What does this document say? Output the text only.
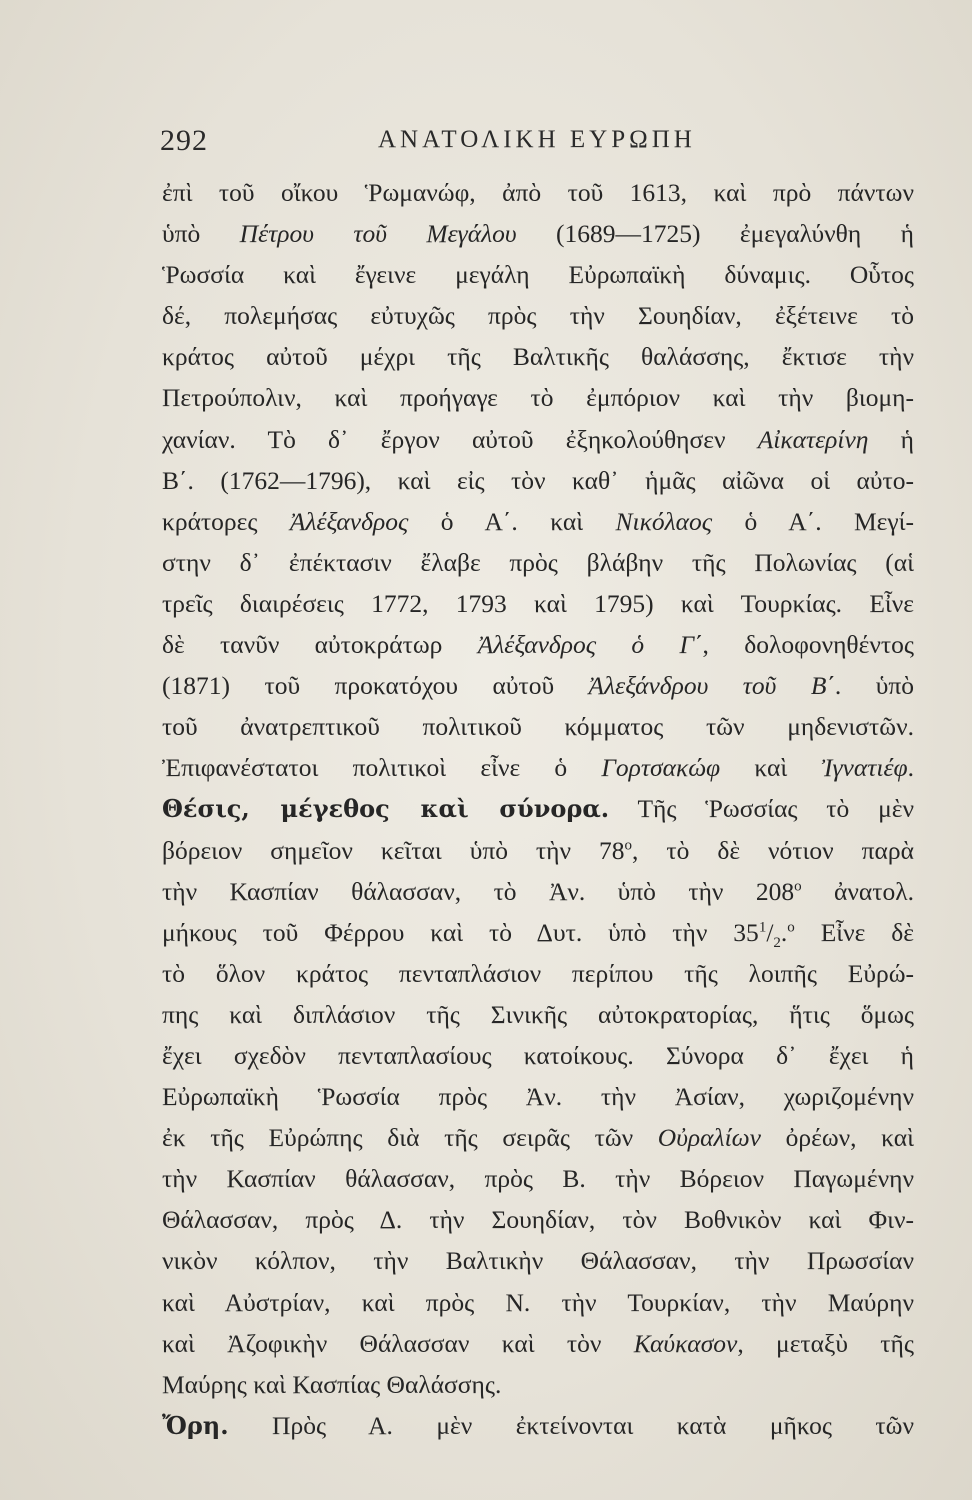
292	ΑΝΑΤΟΛΙΚΗ ΕΥΡΩΠΗ
ἐπὶ τοῦ οἴκου Ῥωμανώφ, ἀπὸ τοῦ 1613, καὶ πρὸ πάντων
ὑπὸ Πέτρου τοῦ Μεγάλου (1689—1725) ἐμεγαλύνθη ἡ
Ῥωσσία καὶ ἔγεινε μεγάλη Εὐρωπαϊκὴ δύναμις. Οὗτος
δέ, πολεμήσας εὐτυχῶς πρὸς τὴν Σουηδίαν, ἐξέτεινε τὸ
κράτος αὐτοῦ μέχρι τῆς Βαλτικῆς θαλάσσης, ἔκτισε τὴν
Πετρούπολιν, καὶ προήγαγε τὸ ἐμπόριον καὶ τὴν βιομη-
χανίαν. Τὸ δ᾿ ἔργον αὐτοῦ ἐξηκολούθησεν Αἰκατερίνη ἡ
Β΄. (1762—1796), καὶ εἰς τὸν καθ᾿ ἡμᾶς αἰῶνα οἱ αὐτο-
κράτορες Ἀλέξανδρος ὁ Α΄. καὶ Νικόλαος ὁ Α΄. Μεγί-
στην δ᾿ ἐπέκτασιν ἔλαβε πρὸς βλάβην τῆς Πολωνίας (αἱ
τρεῖς διαιρέσεις 1772, 1793 καὶ 1795) καὶ Τουρκίας. Εἶνε
δὲ τανῦν αὐτοκράτωρ Ἀλέξανδρος ὁ Γ΄, δολοφονηθέντος
(1871) τοῦ προκατόχου αὐτοῦ Ἀλεξάνδρου τοῦ Β΄. ὑπὸ
τοῦ ἀνατρεπτικοῦ πολιτικοῦ κόμματος τῶν μηδενιστῶν.
Ἐπιφανέστατοι πολιτικοὶ εἶνε ὁ Γορτσακώφ καὶ Ἰγνατιέφ.
Θέσις, μέγεθος καὶ σύνορα. Τῆς Ῥωσσίας τὸ μὲν
βόρειον σημεῖον κεῖται ὑπὸ τὴν $78^o$, τὸ δὲ νότιον παρὰ
τὴν Κασπίαν θάλασσαν, τὸ Ἀν. ὑπὸ τὴν $208^o$ ἀνατολ.
μήκους τοῦ Φέρρου καὶ τὸ Δυτ. ὑπὸ τὴν $35^1/_2.^o$ Εἶνε δὲ
τὸ ὅλον κράτος πενταπλάσιον περίπου τῆς λοιπῆς Εὐρώ-
πης καὶ διπλάσιον τῆς Σινικῆς αὐτοκρατορίας, ἥτις ὅμως
ἔχει σχεδὸν πενταπλασίους κατοίκους. Σύνορα δ᾿ ἔχει ἡ
Εὐρωπαϊκὴ Ῥωσσία πρὸς Ἀν. τὴν Ἀσίαν, χωριζομένην
ἐκ τῆς Εὐρώπης διὰ τῆς σειρᾶς τῶν Οὐραλίων ὀρέων, καὶ
τὴν Κασπίαν θάλασσαν, πρὸς Β. τὴν Βόρειον Παγωμένην
Θάλασσαν, πρὸς Δ. τὴν Σουηδίαν, τὸν Βοθνικὸν καὶ Φιν-
νικὸν κόλπον, τὴν Βαλτικὴν Θάλασσαν, τὴν Πρωσσίαν
καὶ Αὐστρίαν, καὶ πρὸς Ν. τὴν Τουρκίαν, τὴν Μαύρην
καὶ Ἀζοφικὴν Θάλασσαν καὶ τὸν Καύκασον, μεταξὺ τῆς
Μαύρης καὶ Κασπίας Θαλάσσης.
Ὄρη. Πρὸς Α. μὲν ἐκτείνονται κατὰ μῆκος τῶν
